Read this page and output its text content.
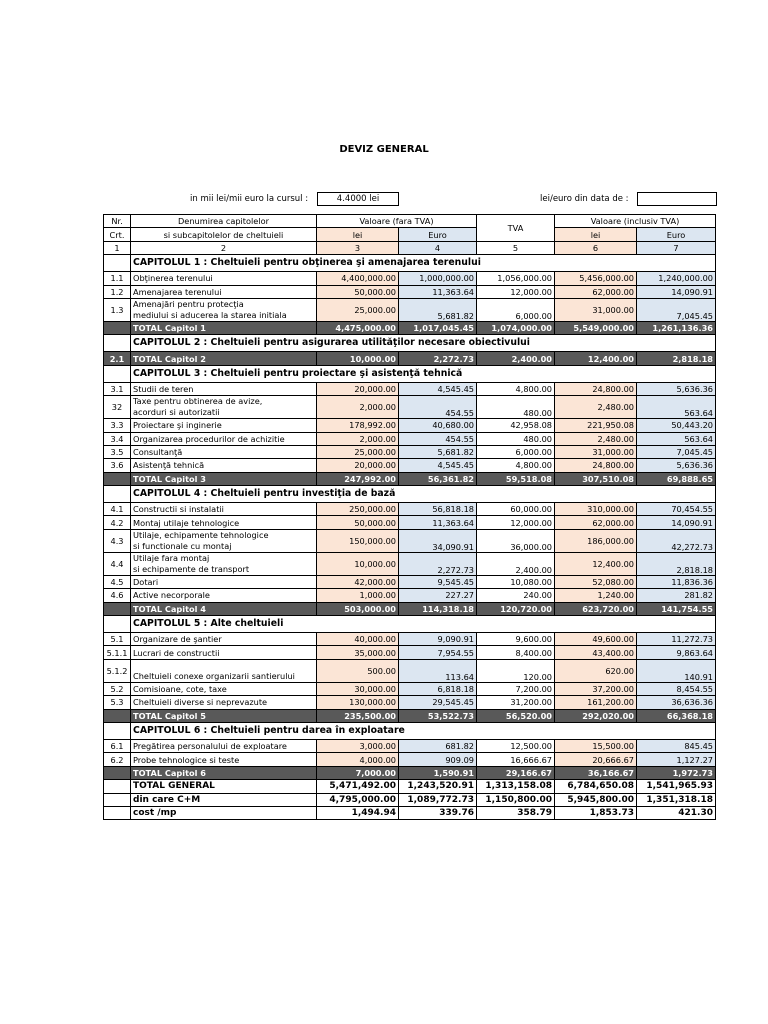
DEVIZ GENERAL
in mii lei/mii euro la cursul :	4.4000 lei	lei/euro din data de :
Nr.	Denumirea capitolelor	Valoare (fara TVA)		TVA	Valoare (inclusiv TVA)	
Crt.	si subcapitolelor de cheltuieli	lei	Euro		lei	Euro
1	2	3	4	5	6	7
	CAPITOLUL 1 : Cheltuieli pentru obţinerea şi amenajarea terenului					
1.1	Obţinerea terenului	4,400,000.00	1,000,000.00	1,056,000.00	5,456,000.00	1,240,000.00
1.2	Amenajarea terenului	50,000.00	11,363.64	12,000.00	62,000.00	14,090.91
1.3	Amenajări pentru protecţia
mediului si aducerea la starea initiala	25,000.00	5,681.82	6,000.00	31,000.00	7,045.45
	TOTAL Capitol 1	4,475,000.00	1,017,045.45	1,074,000.00	5,549,000.00	1,261,136.36
	CAPITOLUL 2 : Cheltuieli pentru asigurarea utilităţilor necesare obiectivului					
2.1	TOTAL Capitol 2	10,000.00	2,272.73	2,400.00	12,400.00	2,818.18
	CAPITOLUL 3 : Cheltuieli pentru proiectare şi asistenţă tehnică					
3.1	Studii de teren	20,000.00	4,545.45	4,800.00	24,800.00	5,636.36
32	Taxe pentru obtinerea de avize,
acorduri si autorizatii	2,000.00	454.55	480.00	2,480.00	563.64
3.3	Proiectare şi inginerie	178,992.00	40,680.00	42,958.08	221,950.08	50,443.20
3.4	Organizarea procedurilor de achizitie	2,000.00	454.55	480.00	2,480.00	563.64
3.5	Consultanţă	25,000.00	5,681.82	6,000.00	31,000.00	7,045.45
3.6	Asistenţă tehnică	20,000.00	4,545.45	4,800.00	24,800.00	5,636.36
	TOTAL Capitol 3	247,992.00	56,361.82	59,518.08	307,510.08	69,888.65
	CAPITOLUL 4 : Cheltuieli pentru investiţia de bază					
4.1	Constructii si instalatii	250,000.00	56,818.18	60,000.00	310,000.00	70,454.55
4.2	Montaj utilaje tehnologice	50,000.00	11,363.64	12,000.00	62,000.00	14,090.91
4.3	Utilaje, echipamente tehnologice
si functionale cu montaj	150,000.00	34,090.91	36,000.00	186,000.00	42,272.73
4.4	Utilaje fara montaj
si echipamente de transport	10,000.00	2,272.73	2,400.00	12,400.00	2,818.18
4.5	Dotari	42,000.00	9,545.45	10,080.00	52,080.00	11,836.36
4.6	Active necorporale	1,000.00	227.27	240.00	1,240.00	281.82
	TOTAL Capitol 4	503,000.00	114,318.18	120,720.00	623,720.00	141,754.55
	CAPITOLUL 5 : Alte cheltuieli					
5.1	Organizare de şantier	40,000.00	9,090.91	9,600.00	49,600.00	11,272.73
5.1.1	Lucrari de constructii	35,000.00	7,954.55	8,400.00	43,400.00	9,863.64
5.1.2	Cheltuieli conexe organizarii santierului	500.00	113.64	120.00	620.00	140.91
5.2	Comisioane, cote, taxe	30,000.00	6,818.18	7,200.00	37,200.00	8,454.55
5.3	Cheltuieli diverse si neprevazute	130,000.00	29,545.45	31,200.00	161,200.00	36,636.36
	TOTAL Capitol 5	235,500.00	53,522.73	56,520.00	292,020.00	66,368.18
	CAPITOLUL 6 : Cheltuieli pentru darea în exploatare					
6.1	Pregătirea personalului de exploatare	3,000.00	681.82	12,500.00	15,500.00	845.45
6.2	Probe tehnologice si teste	4,000.00	909.09	16,666.67	20,666.67	1,127.27
	TOTAL Capitol 6	7,000.00	1,590.91	29,166.67	36,166.67	1,972.73
	TOTAL GENERAL	5,471,492.00	1,243,520.91	1,313,158.08	6,784,650.08	1,541,965.93
	din care C+M	4,795,000.00	1,089,772.73	1,150,800.00	5,945,800.00	1,351,318.18
	cost /mp	1,494.94	339.76	358.79	1,853.73	421.30
